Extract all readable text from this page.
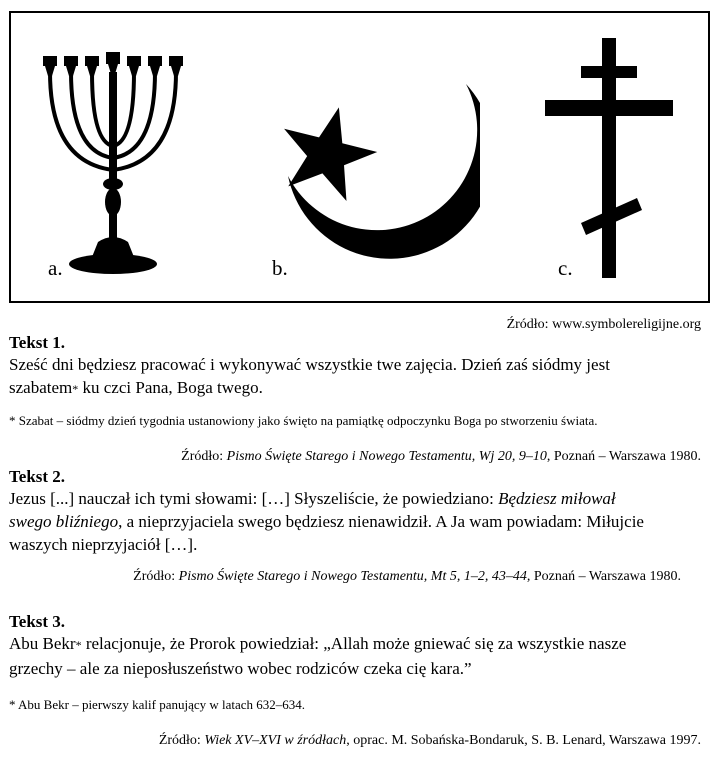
a.	b.	c.
Źródło: www.symbolereligijne.org
Tekst 1.

Sześć dni będziesz pracować i wykonywać wszystkie twe zajęcia. Dzień zaś siódmy jest
szabatem* ku czci Pana, Boga twego.

* Szabat – siódmy dzień tygodnia ustanowiony jako święto na pamiątkę odpoczynku Boga po stworzeniu świata.
Źródło: Pismo Święte Starego i Nowego Testamentu, Wj 20, 9–10, Poznań – Warszawa 1980.
Tekst 2.

Jezus [...] nauczał ich tymi słowami: […] Słyszeliście, że powiedziano: Będziesz miłował
swego bliźniego, a nieprzyjaciela swego będziesz nienawidził. A Ja wam powiadam: Miłujcie
waszych nieprzyjaciół […].

Źródło: Pismo Święte Starego i Nowego Testamentu, Mt 5, 1–2, 43–44, Poznań – Warszawa 1980.
Tekst 3.

Abu Bekr* relacjonuje, że Prorok powiedział: „Allah może gniewać się za wszystkie nasze
grzechy – ale za nieposłuszeństwo wobec rodziców czeka cię kara.”

* Abu Bekr – pierwszy kalif panujący w latach 632–634.
Źródło: Wiek XV–XVI w źródłach, oprac. M. Sobańska-Bondaruk, S. B. Lenard, Warszawa 1997.
